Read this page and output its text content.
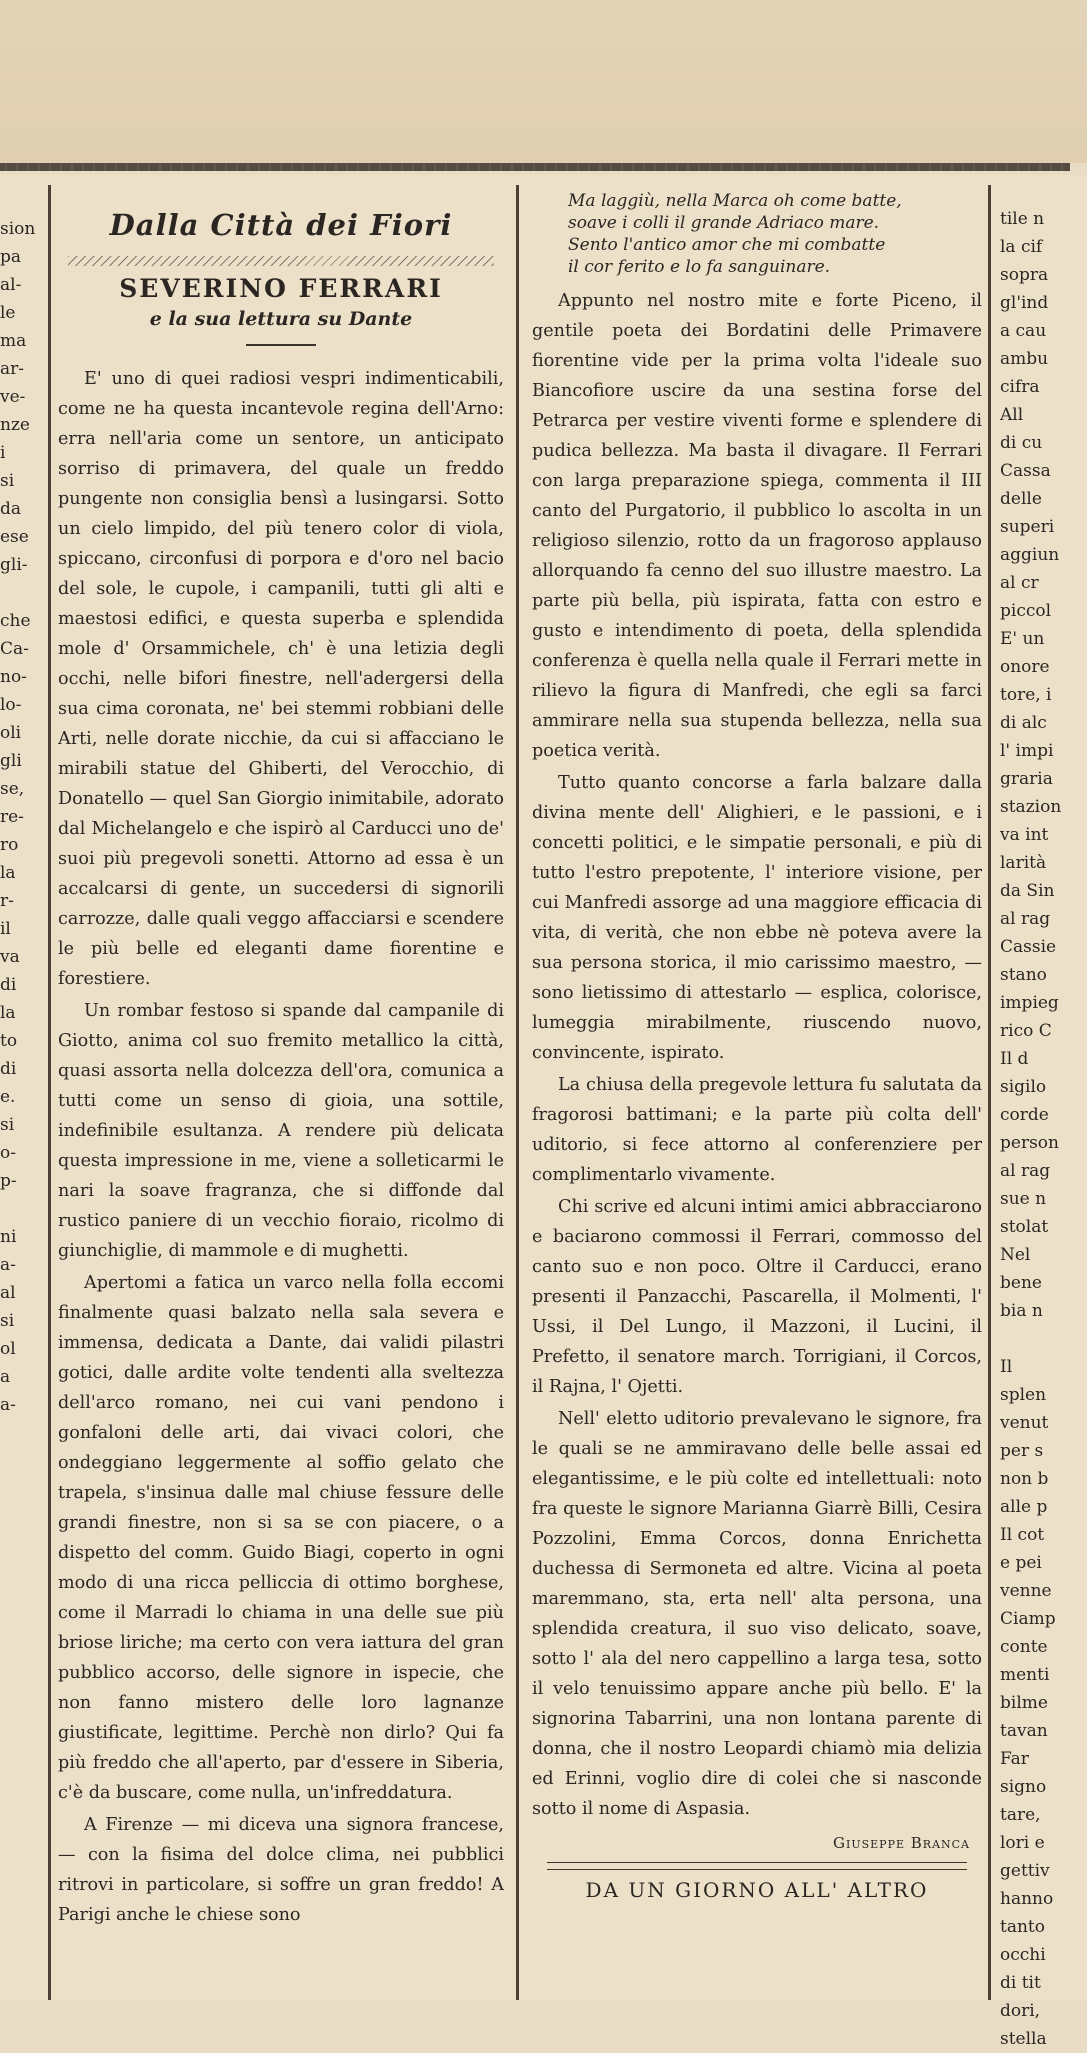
sion
pa
al-
le
ma
ar-
ve-
nze
i
si
da
ese
gli-
che
Ca-
no-
lo-
oli
gli
se,
re-
ro
la
r-
il
va
di
la
to
di
e.
si
o-
p-
ni
a-
al
si
ol
a
a-
Dalla Città dei Fiori
SEVERINO FERRARI
e la sua lettura su Dante

E' uno di quei radiosi vespri indimenticabili, come ne ha questa incantevole regina dell'Arno: erra nell'aria come un sentore, un anticipato sorriso di primavera, del quale un freddo pungente non consiglia bensì a lusingarsi. Sotto un cielo limpido, del più tenero color di viola, spiccano, circonfusi di porpora e d'oro nel bacio del sole, le cupole, i campanili, tutti gli alti e maestosi edifici, e questa superba e splendida mole d' Orsammichele, ch' è una letizia degli occhi, nelle bifori finestre, nell'adergersi della sua cima coronata, ne' bei stemmi robbiani delle Arti, nelle dorate nicchie, da cui si affacciano le mirabili statue del Ghiberti, del Verocchio, di Donatello — quel San Giorgio inimitabile, adorato dal Michelangelo e che ispirò al Carducci uno de' suoi più pregevoli sonetti. Attorno ad essa è un accalcarsi di gente, un succedersi di signorili carrozze, dalle quali veggo affacciarsi e scendere le più belle ed eleganti dame fiorentine e forestiere.

Un rombar festoso si spande dal campanile di Giotto, anima col suo fremito metallico la città, quasi assorta nella dolcezza dell'ora, comunica a tutti come un senso di gioia, una sottile, indefinibile esultanza. A rendere più delicata questa impressione in me, viene a solleticarmi le nari la soave fragranza, che si diffonde dal rustico paniere di un vecchio fioraio, ricolmo di giunchiglie, di mammole e di mughetti.

Apertomi a fatica un varco nella folla eccomi finalmente quasi balzato nella sala severa e immensa, dedicata a Dante, dai validi pilastri gotici, dalle ardite volte tendenti alla sveltezza dell'arco romano, nei cui vani pendono i gonfaloni delle arti, dai vivaci colori, che ondeggiano leggermente al soffio gelato che trapela, s'insinua dalle mal chiuse fessure delle grandi finestre, non si sa se con piacere, o a dispetto del comm. Guido Biagi, coperto in ogni modo di una ricca pelliccia di ottimo borghese, come il Marradi lo chiama in una delle sue più briose liriche; ma certo con vera iattura del gran pubblico accorso, delle signore in ispecie, che non fanno mistero delle loro lagnanze giustificate, legittime. Perchè non dirlo? Qui fa più freddo che all'aperto, par d'essere in Siberia, c'è da buscare, come nulla, un'infreddatura.

A Firenze — mi diceva una signora francese, — con la fisima del dolce clima, nei pubblici ritrovi in particolare, si soffre un gran freddo! A Parigi anche le chiese sono

Ma laggiù, nella Marca oh come batte,

soave i colli il grande Adriaco mare.

Sento l'antico amor che mi combatte

il cor ferito e lo fa sanguinare.

Appunto nel nostro mite e forte Piceno, il gentile poeta dei Bordatini delle Primavere fiorentine vide per la prima volta l'ideale suo Biancofiore uscire da una sestina forse del Petrarca per vestire viventi forme e splendere di pudica bellezza. Ma basta il divagare. Il Ferrari con larga preparazione spiega, commenta il III canto del Purgatorio, il pubblico lo ascolta in un religioso silenzio, rotto da un fragoroso applauso allorquando fa cenno del suo illustre maestro. La parte più bella, più ispirata, fatta con estro e gusto e intendimento di poeta, della splendida conferenza è quella nella quale il Ferrari mette in rilievo la figura di Manfredi, che egli sa farci ammirare nella sua stupenda bellezza, nella sua poetica verità.

Tutto quanto concorse a farla balzare dalla divina mente dell' Alighieri, e le passioni, e i concetti politici, e le simpatie personali, e più di tutto l'estro prepotente, l' interiore visione, per cui Manfredi assorge ad una maggiore efficacia di vita, di verità, che non ebbe nè poteva avere la sua persona storica, il mio carissimo maestro, — sono lietissimo di attestarlo — esplica, colorisce, lumeggia mirabilmente, riuscendo nuovo, convincente, ispirato.

La chiusa della pregevole lettura fu salutata da fragorosi battimani; e la parte più colta dell' uditorio, si fece attorno al conferenziere per complimentarlo vivamente.

Chi scrive ed alcuni intimi amici abbracciarono e baciarono commossi il Ferrari, commosso del canto suo e non poco. Oltre il Carducci, erano presenti il Panzacchi, Pascarella, il Molmenti, l' Ussi, il Del Lungo, il Mazzoni, il Lucini, il Prefetto, il senatore march. Torrigiani, il Corcos, il Rajna, l' Ojetti.

Nell' eletto uditorio prevalevano le signore, fra le quali se ne ammiravano delle belle assai ed elegantissime, e le più colte ed intellettuali: noto fra queste le signore Marianna Giarrè Billi, Cesira Pozzolini, Emma Corcos, donna Enrichetta duchessa di Sermoneta ed altre. Vicina al poeta maremmano, sta, erta nell' alta persona, una splendida creatura, il suo viso delicato, soave, sotto l' ala del nero cappellino a larga tesa, sotto il velo tenuissimo appare anche più bello. E' la signorina Tabarrini, una non lontana parente di donna, che il nostro Leopardi chiamò mia delizia ed Erinni, voglio dire di colei che si nasconde sotto il nome di Aspasia.

Giuseppe Branca
DA UN GIORNO ALL' ALTRO
tile n
la cif
sopra
gl'ind
a cau
ambu
cifra
All
di cu
Cassa
delle
superi
aggiun
al cr
piccol
E' un
onore
tore, i
di alc
l' impi
graria
stazion
va int
larità
da Sin
al rag
Cassie
stano
impieg
rico C
Il d
sigilo
corde
person
al rag
sue n
stolat
Nel
bene
bia n
Il
splen
venut
per s
non b
alle p
Il cot
e pei
venne
Ciamp
conte
menti
bilme
tavan
Far
signo
tare,
lori e
gettiv
hanno
tanto
occhi
di tit
dori,
stella
